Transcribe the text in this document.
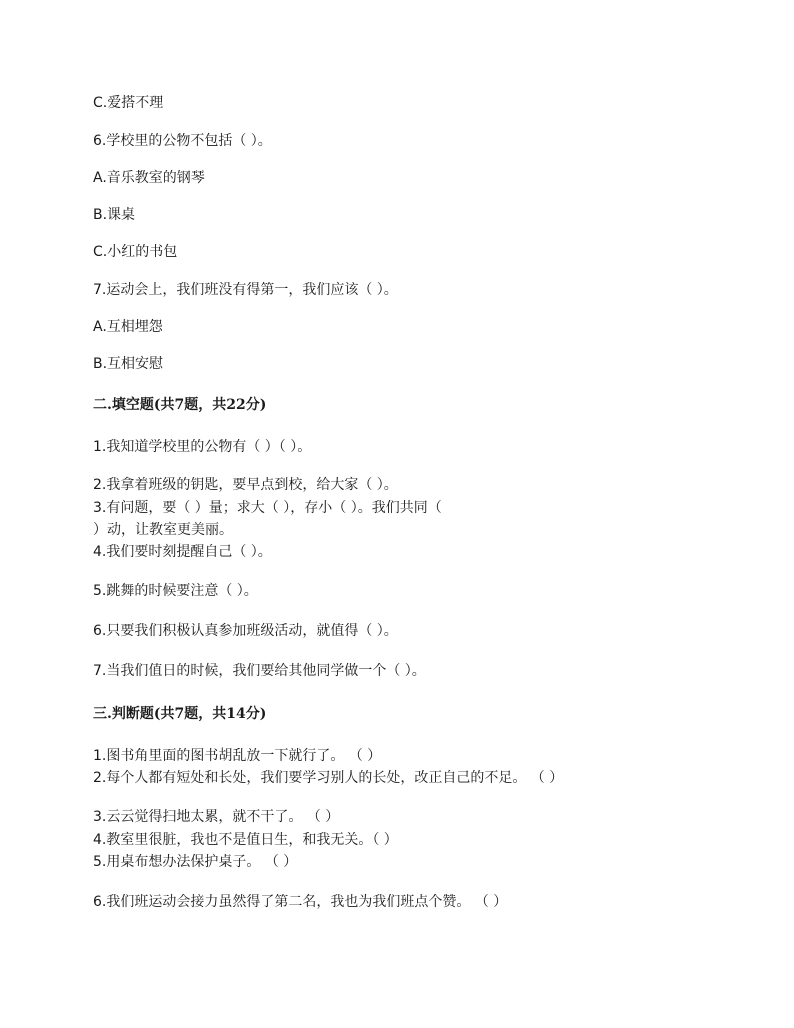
C.爱搭不理
6.学校里的公物不包括（ ）。
A.音乐教室的钢琴
B.课桌
C.小红的书包
7.运动会上，我们班没有得第一，我们应该（ ）。
A.互相埋怨
B.互相安慰
二.填空题(共7题，共22分)
1.我知道学校里的公物有（ ）（ ）。
2.我拿着班级的钥匙，要早点到校，给大家（ ）。
3.有问题，要（ ）量；求大（ ），存小（ ）。我们共同（
）动，让教室更美丽。
4.我们要时刻提醒自己（ ）。
5.跳舞的时候要注意（ ）。
6.只要我们积极认真参加班级活动，就值得（ ）。
7.当我们值日的时候，我们要给其他同学做一个（ ）。
三.判断题(共7题，共14分)
1.图书角里面的图书胡乱放一下就行了。 （ ）
2.每个人都有短处和长处，我们要学习别人的长处，改正自己的不足。 （ ）
3.云云觉得扫地太累，就不干了。 （ ）
4.教室里很脏，我也不是值日生，和我无关。（ ）
5.用桌布想办法保护桌子。 （ ）
6.我们班运动会接力虽然得了第二名，我也为我们班点个赞。 （ ）
